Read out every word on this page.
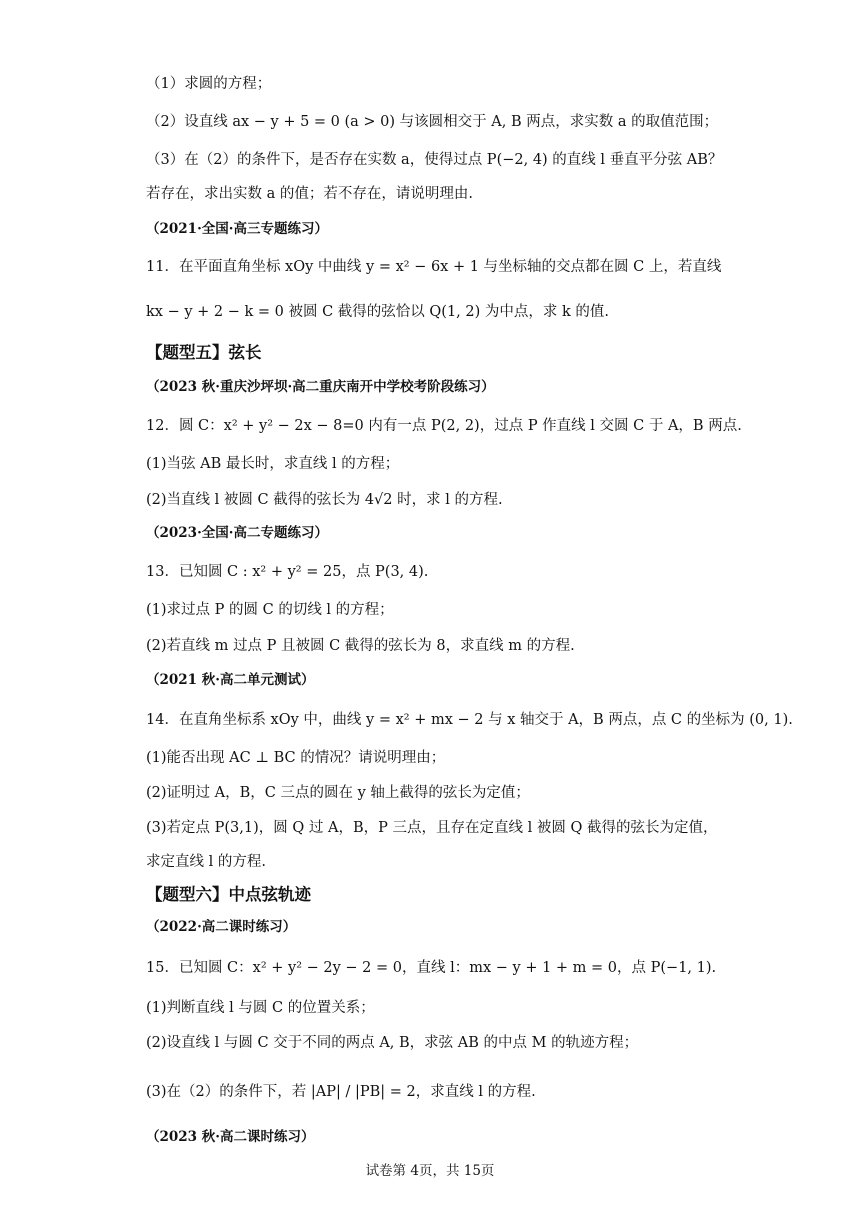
（1）求圆的方程；
（2）设直线 ax − y + 5 = 0 (a > 0) 与该圆相交于 A, B 两点，求实数 a 的取值范围；
（3）在（2）的条件下，是否存在实数 a，使得过点 P(−2, 4) 的直线 l 垂直平分弦 AB？
若存在，求出实数 a 的值；若不存在，请说明理由.
（2021·全国·高三专题练习）
11．在平面直角坐标 xOy 中曲线 y = x² − 6x + 1 与坐标轴的交点都在圆 C 上，若直线
kx − y + 2 − k = 0 被圆 C 截得的弦恰以 Q(1, 2) 为中点，求 k 的值.
【题型五】弦长
（2023 秋·重庆沙坪坝·高二重庆南开中学校考阶段练习）
12．圆 C：x² + y² − 2x − 8=0 内有一点 P(2, 2)，过点 P 作直线 l 交圆 C 于 A，B 两点.
(1)当弦 AB 最长时，求直线 l 的方程；
(2)当直线 l 被圆 C 截得的弦长为 4√2 时，求 l 的方程.
（2023·全国·高二专题练习）
13．已知圆 C : x² + y² = 25，点 P(3, 4).
(1)求过点 P 的圆 C 的切线 l 的方程；
(2)若直线 m 过点 P 且被圆 C 截得的弦长为 8，求直线 m 的方程.
（2021 秋·高二单元测试）
14．在直角坐标系 xOy 中，曲线 y = x² + mx − 2 与 x 轴交于 A，B 两点，点 C 的坐标为 (0, 1).
(1)能否出现 AC ⊥ BC 的情况？请说明理由；
(2)证明过 A，B，C 三点的圆在 y 轴上截得的弦长为定值；
(3)若定点 P(3,1)，圆 Q 过 A，B，P 三点，且存在定直线 l 被圆 Q 截得的弦长为定值，
求定直线 l 的方程.
【题型六】中点弦轨迹
（2022·高二课时练习）
15．已知圆 C：x² + y² − 2y − 2 = 0，直线 l：mx − y + 1 + m = 0，点 P(−1, 1).
(1)判断直线 l 与圆 C 的位置关系；
(2)设直线 l 与圆 C 交于不同的两点 A, B，求弦 AB 的中点 M 的轨迹方程；
(3)在（2）的条件下，若 |AP| / |PB| = 2，求直线 l 的方程.
（2023 秋·高二课时练习）
试卷第 4页，共 15页
